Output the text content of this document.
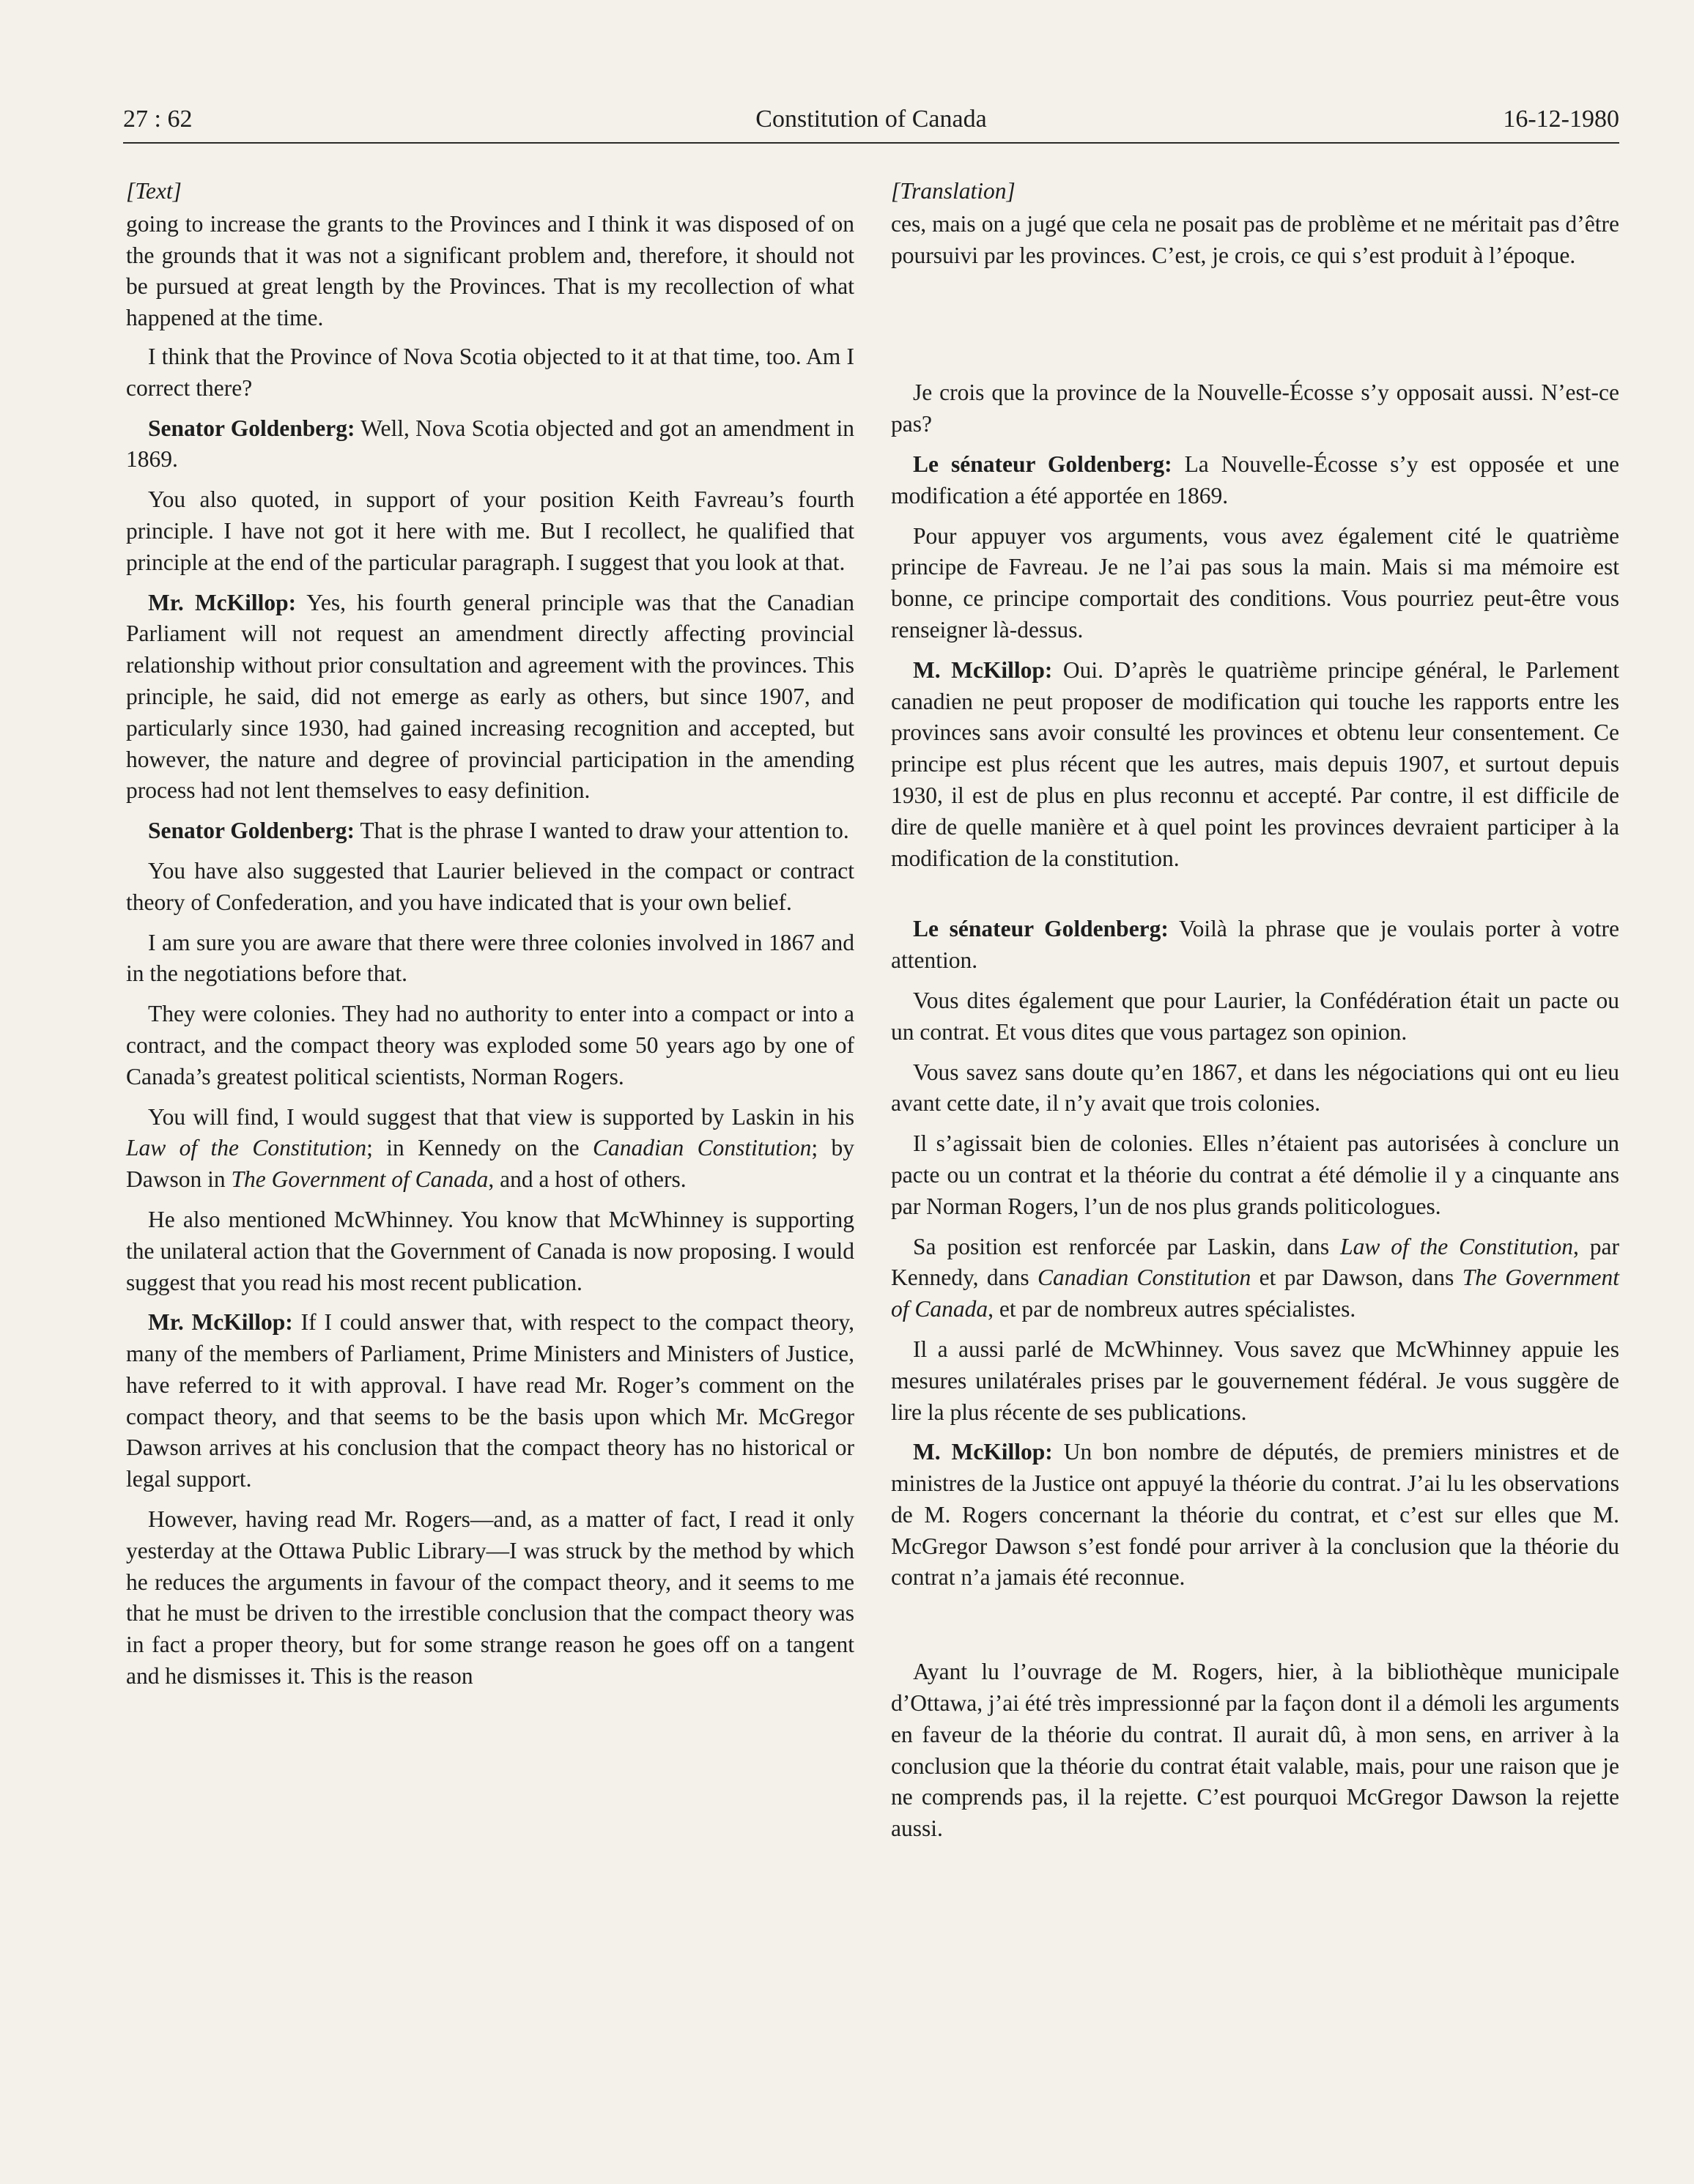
27 : 62	Constitution of Canada	16-12-1980

[Text]

going to increase the grants to the Provinces and I think it was disposed of on the grounds that it was not a significant problem and, therefore, it should not be pursued at great length by the Provinces. That is my recollection of what happened at the time.

I think that the Province of Nova Scotia objected to it at that time, too. Am I correct there?

Senator Goldenberg: Well, Nova Scotia objected and got an amendment in 1869.

You also quoted, in support of your position Keith Favreau’s fourth principle. I have not got it here with me. But I recollect, he qualified that principle at the end of the particular paragraph. I suggest that you look at that.

Mr. McKillop: Yes, his fourth general principle was that the Canadian Parliament will not request an amendment directly affecting provincial relationship without prior consultation and agreement with the provinces. This principle, he said, did not emerge as early as others, but since 1907, and particularly since 1930, had gained increasing recognition and accepted, but however, the nature and degree of provincial participation in the amending process had not lent themselves to easy definition.

Senator Goldenberg: That is the phrase I wanted to draw your attention to.

You have also suggested that Laurier believed in the compact or contract theory of Confederation, and you have indicated that is your own belief.

I am sure you are aware that there were three colonies involved in 1867 and in the negotiations before that.

They were colonies. They had no authority to enter into a compact or into a contract, and the compact theory was exploded some 50 years ago by one of Canada’s greatest political scientists, Norman Rogers.

You will find, I would suggest that that view is supported by Laskin in his Law of the Constitution; in Kennedy on the Canadian Constitution; by Dawson in The Government of Canada, and a host of others.

He also mentioned McWhinney. You know that McWhinney is supporting the unilateral action that the Government of Canada is now proposing. I would suggest that you read his most recent publication.

Mr. McKillop: If I could answer that, with respect to the compact theory, many of the members of Parliament, Prime Ministers and Ministers of Justice, have referred to it with approval. I have read Mr. Roger’s comment on the compact theory, and that seems to be the basis upon which Mr. McGregor Dawson arrives at his conclusion that the compact theory has no historical or legal support.

However, having read Mr. Rogers—and, as a matter of fact, I read it only yesterday at the Ottawa Public Library—I was struck by the method by which he reduces the arguments in favour of the compact theory, and it seems to me that he must be driven to the irrestible conclusion that the compact theory was in fact a proper theory, but for some strange reason he goes off on a tangent and he dismisses it. This is the reason

[Translation]

ces, mais on a jugé que cela ne posait pas de problème et ne méritait pas d’être poursuivi par les provinces. C’est, je crois, ce qui s’est produit à l’époque.

Je crois que la province de la Nouvelle-Écosse s’y opposait aussi. N’est-ce pas?

Le sénateur Goldenberg: La Nouvelle-Écosse s’y est opposée et une modification a été apportée en 1869.

Pour appuyer vos arguments, vous avez également cité le quatrième principe de Favreau. Je ne l’ai pas sous la main. Mais si ma mémoire est bonne, ce principe comportait des conditions. Vous pourriez peut-être vous renseigner là-dessus.

M. McKillop: Oui. D’après le quatrième principe général, le Parlement canadien ne peut proposer de modification qui touche les rapports entre les provinces sans avoir consulté les provinces et obtenu leur consentement. Ce principe est plus récent que les autres, mais depuis 1907, et surtout depuis 1930, il est de plus en plus reconnu et accepté. Par contre, il est difficile de dire de quelle manière et à quel point les provinces devraient participer à la modification de la constitution.

Le sénateur Goldenberg: Voilà la phrase que je voulais porter à votre attention.

Vous dites également que pour Laurier, la Confédération était un pacte ou un contrat. Et vous dites que vous partagez son opinion.

Vous savez sans doute qu’en 1867, et dans les négociations qui ont eu lieu avant cette date, il n’y avait que trois colonies.

Il s’agissait bien de colonies. Elles n’étaient pas autorisées à conclure un pacte ou un contrat et la théorie du contrat a été démolie il y a cinquante ans par Norman Rogers, l’un de nos plus grands politicologues.

Sa position est renforcée par Laskin, dans Law of the Constitution, par Kennedy, dans Canadian Constitution et par Dawson, dans The Government of Canada, et par de nombreux autres spécialistes.

Il a aussi parlé de McWhinney. Vous savez que McWhinney appuie les mesures unilatérales prises par le gouvernement fédéral. Je vous suggère de lire la plus récente de ses publications.

M. McKillop: Un bon nombre de députés, de premiers ministres et de ministres de la Justice ont appuyé la théorie du contrat. J’ai lu les observations de M. Rogers concernant la théorie du contrat, et c’est sur elles que M. McGregor Dawson s’est fondé pour arriver à la conclusion que la théorie du contrat n’a jamais été reconnue.

Ayant lu l’ouvrage de M. Rogers, hier, à la bibliothèque municipale d’Ottawa, j’ai été très impressionné par la façon dont il a démoli les arguments en faveur de la théorie du contrat. Il aurait dû, à mon sens, en arriver à la conclusion que la théorie du contrat était valable, mais, pour une raison que je ne comprends pas, il la rejette. C’est pourquoi McGregor Dawson la rejette aussi.
